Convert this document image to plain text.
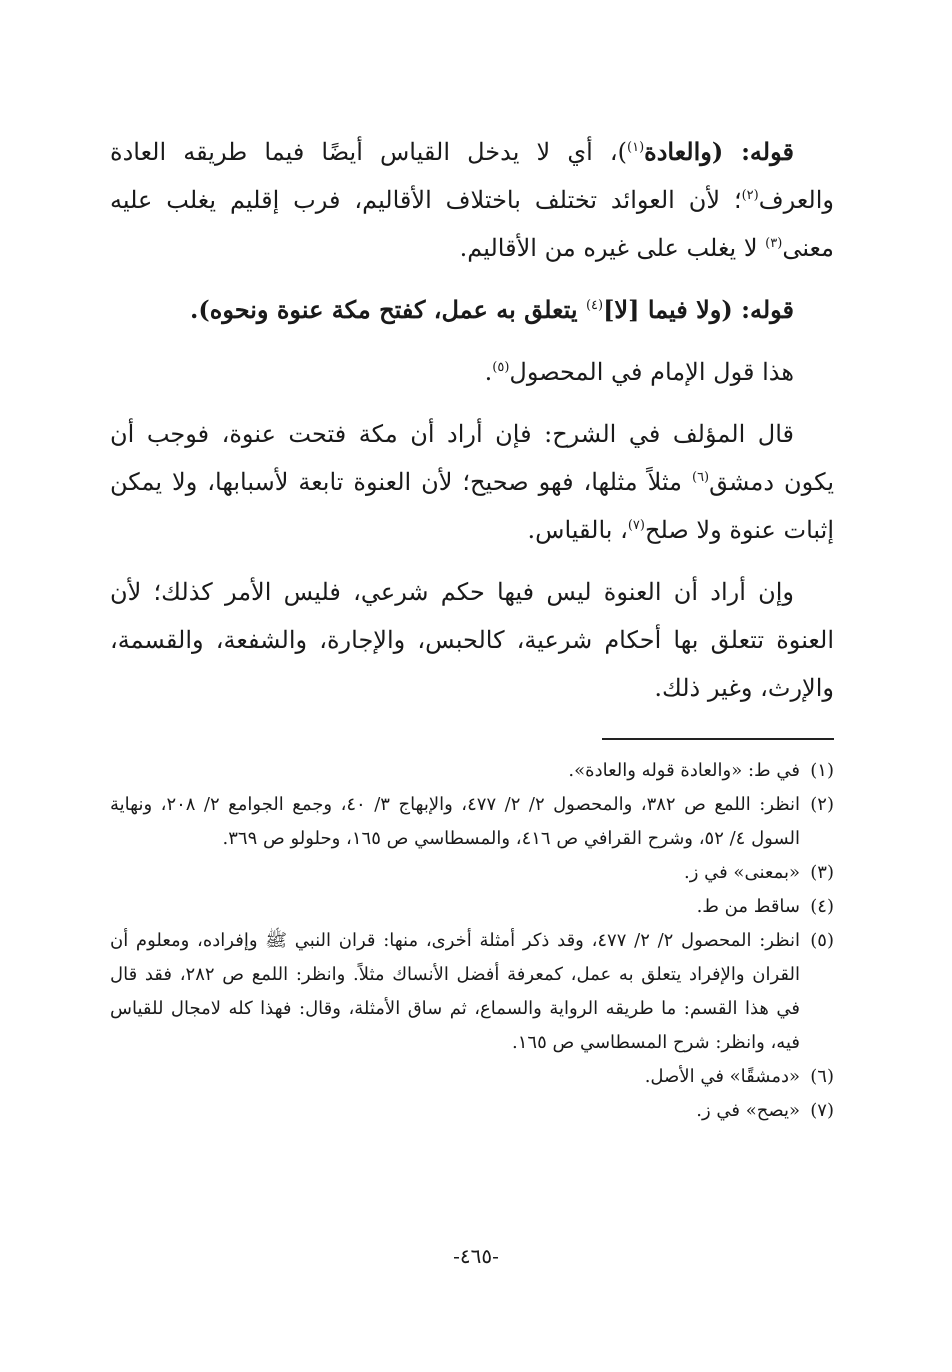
قوله: (والعادة$^{(١)}$)، أي لا يدخل القياس أيضًا فيما طريقه العادة والعرف$^{(٢)}$؛ لأن العوائد تختلف باختلاف الأقاليم، فرب إقليم يغلب عليه معنى$^{(٣)}$ لا يغلب على غيره من الأقاليم.

قوله: (ولا فيما [لا]$^{(٤)}$ يتعلق به عمل، كفتح مكة عنوة ونحوه).

هذا قول الإمام في المحصول$^{(٥)}$.

قال المؤلف في الشرح: فإن أراد أن مكة فتحت عنوة، فوجب أن يكون دمشق$^{(٦)}$ مثلاً مثلها، فهو صحيح؛ لأن العنوة تابعة لأسبابها، ولا يمكن إثبات عنوة ولا صلح$^{(٧)}$، بالقياس.

وإن أراد أن العنوة ليس فيها حكم شرعي، فليس الأمر كذلك؛ لأن العنوة تتعلق بها أحكام شرعية، كالحبس، والإجارة، والشفعة، والقسمة، والإرث، وغير ذلك.

(١)
في ط: «والعادة قوله والعادة».
(٢)
انظر: اللمع ص ٣٨٢، والمحصول ٢/ ٢/ ٤٧٧، والإبهاج ٣/ ٤٠، وجمع الجوامع ٢/ ٢٠٨، ونهاية السول ٤/ ٥٢، وشرح القرافي ص ٤١٦، والمسطاسي ص ١٦٥، وحلولو ص ٣٦٩.
(٣)
«بمعنى» في ز.
(٤)
ساقط من ط.
(٥)
انظر: المحصول ٢/ ٢/ ٤٧٧، وقد ذكر أمثلة أخرى، منها: قران النبي ﷺ وإفراده، ومعلوم أن القران والإفراد يتعلق به عمل، كمعرفة أفضل الأنساك مثلاً. وانظر: اللمع ص ٢٨٢، فقد قال في هذا القسم: ما طريقه الرواية والسماع، ثم ساق الأمثلة، وقال: فهذا كله لامجال للقياس فيه، وانظر: شرح المسطاسي ص ١٦٥.
(٦)
«دمشقًا» في الأصل.
(٧)
«يصح» في ز.
-٤٦٥-
